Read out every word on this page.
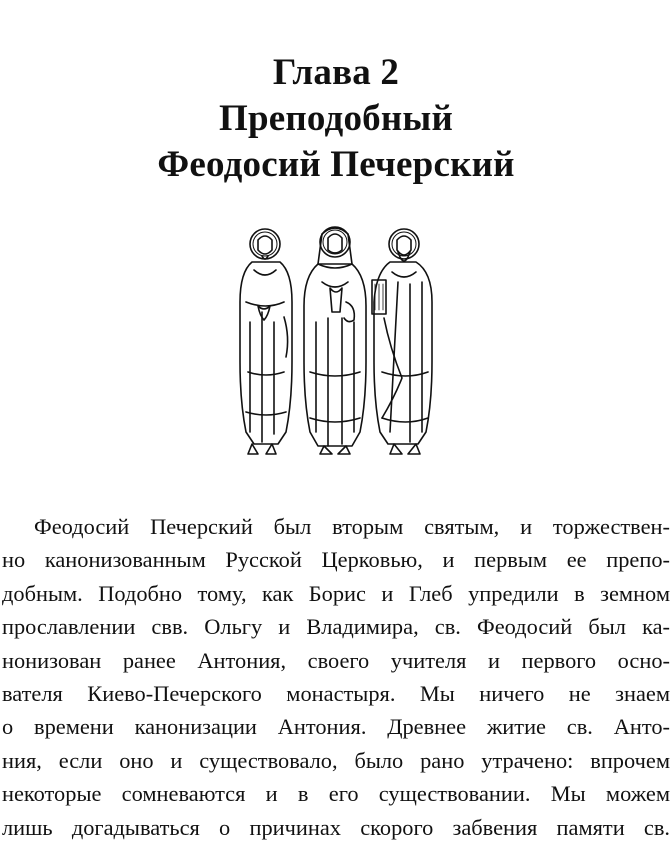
Глава 2
Преподобный
Феодосий Печерский
Феодосий Печерский был вторым святым, и торжествен-
но канонизованным Русской Церковью, и первым ее препо-
добным. Подобно тому, как Борис и Глеб упредили в земном
прославлении свв. Ольгу и Владимира, св. Феодосий был ка-
нонизован ранее Антония, своего учителя и первого осно-
вателя Киево-Печерского монастыря. Мы ничего не знаем
о времени канонизации Антония. Древнее житие св. Анто-
ния, если оно и существовало, было рано утрачено: впрочем
некоторые сомневаются и в его существовании. Мы можем
лишь догадываться о причинах скорого забвения памяти св.
